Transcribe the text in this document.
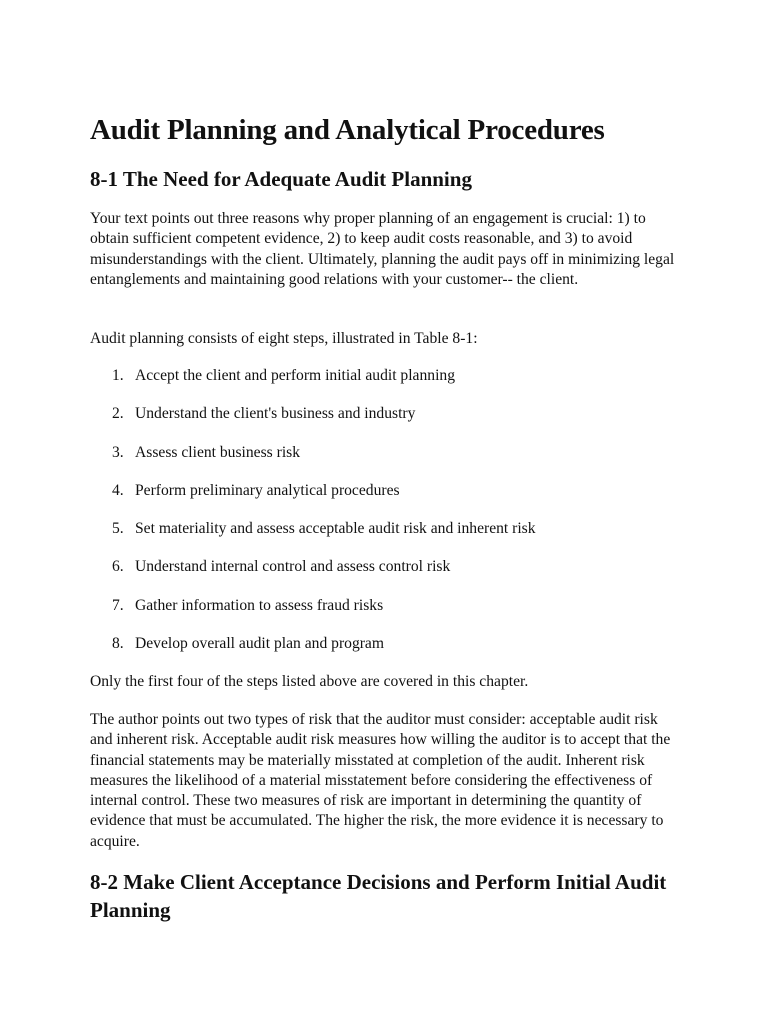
Audit Planning and Analytical Procedures
8-1 The Need for Adequate Audit Planning

Your text points out three reasons why proper planning of an engagement is crucial: 1) to obtain sufficient competent evidence, 2) to keep audit costs reasonable, and 3) to avoid misunderstandings with the client. Ultimately, planning the audit pays off in minimizing legal entanglements and maintaining good relations with your customer-- the client.

Audit planning consists of eight steps, illustrated in Table 8-1:

1. Accept the client and perform initial audit planning
2. Understand the client's business and industry
3. Assess client business risk
4. Perform preliminary analytical procedures
5. Set materiality and assess acceptable audit risk and inherent risk
6. Understand internal control and assess control risk
7. Gather information to assess fraud risks
8. Develop overall audit plan and program

Only the first four of the steps listed above are covered in this chapter.

The author points out two types of risk that the auditor must consider: acceptable audit risk and inherent risk. Acceptable audit risk measures how willing the auditor is to accept that the financial statements may be materially misstated at completion of the audit. Inherent risk measures the likelihood of a material misstatement before considering the effectiveness of internal control. These two measures of risk are important in determining the quantity of evidence that must be accumulated. The higher the risk, the more evidence it is necessary to acquire.

8-2 Make Client Acceptance Decisions and Perform Initial Audit Planning
